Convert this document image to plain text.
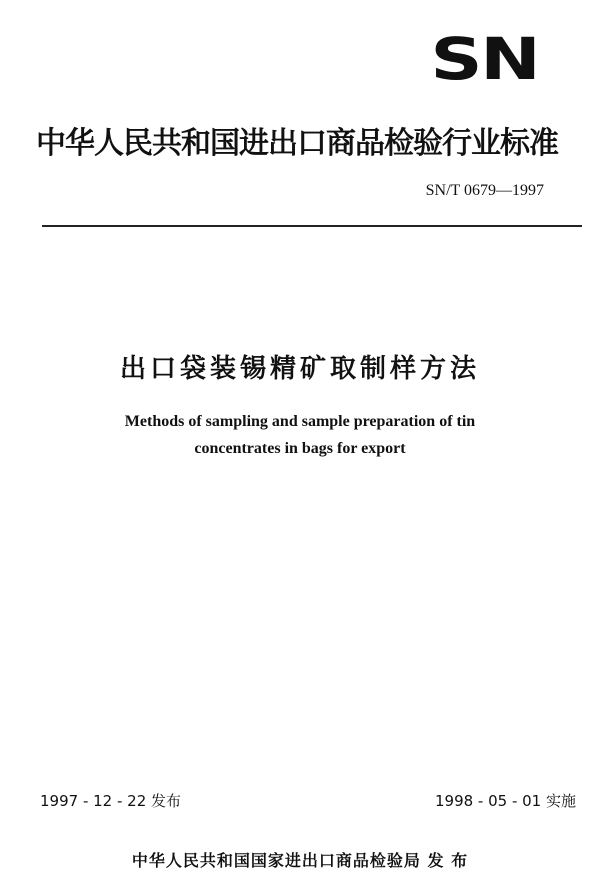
SN
中华人民共和国进出口商品检验行业标准
SN/T 0679—1997
出口袋装锡精矿取制样方法
Methods of sampling and sample preparation of tin
concentrates in bags for export
1997 - 12 - 22 发布	1998 - 05 - 01 实施
中华人民共和国国家进出口商品检验局 发 布
